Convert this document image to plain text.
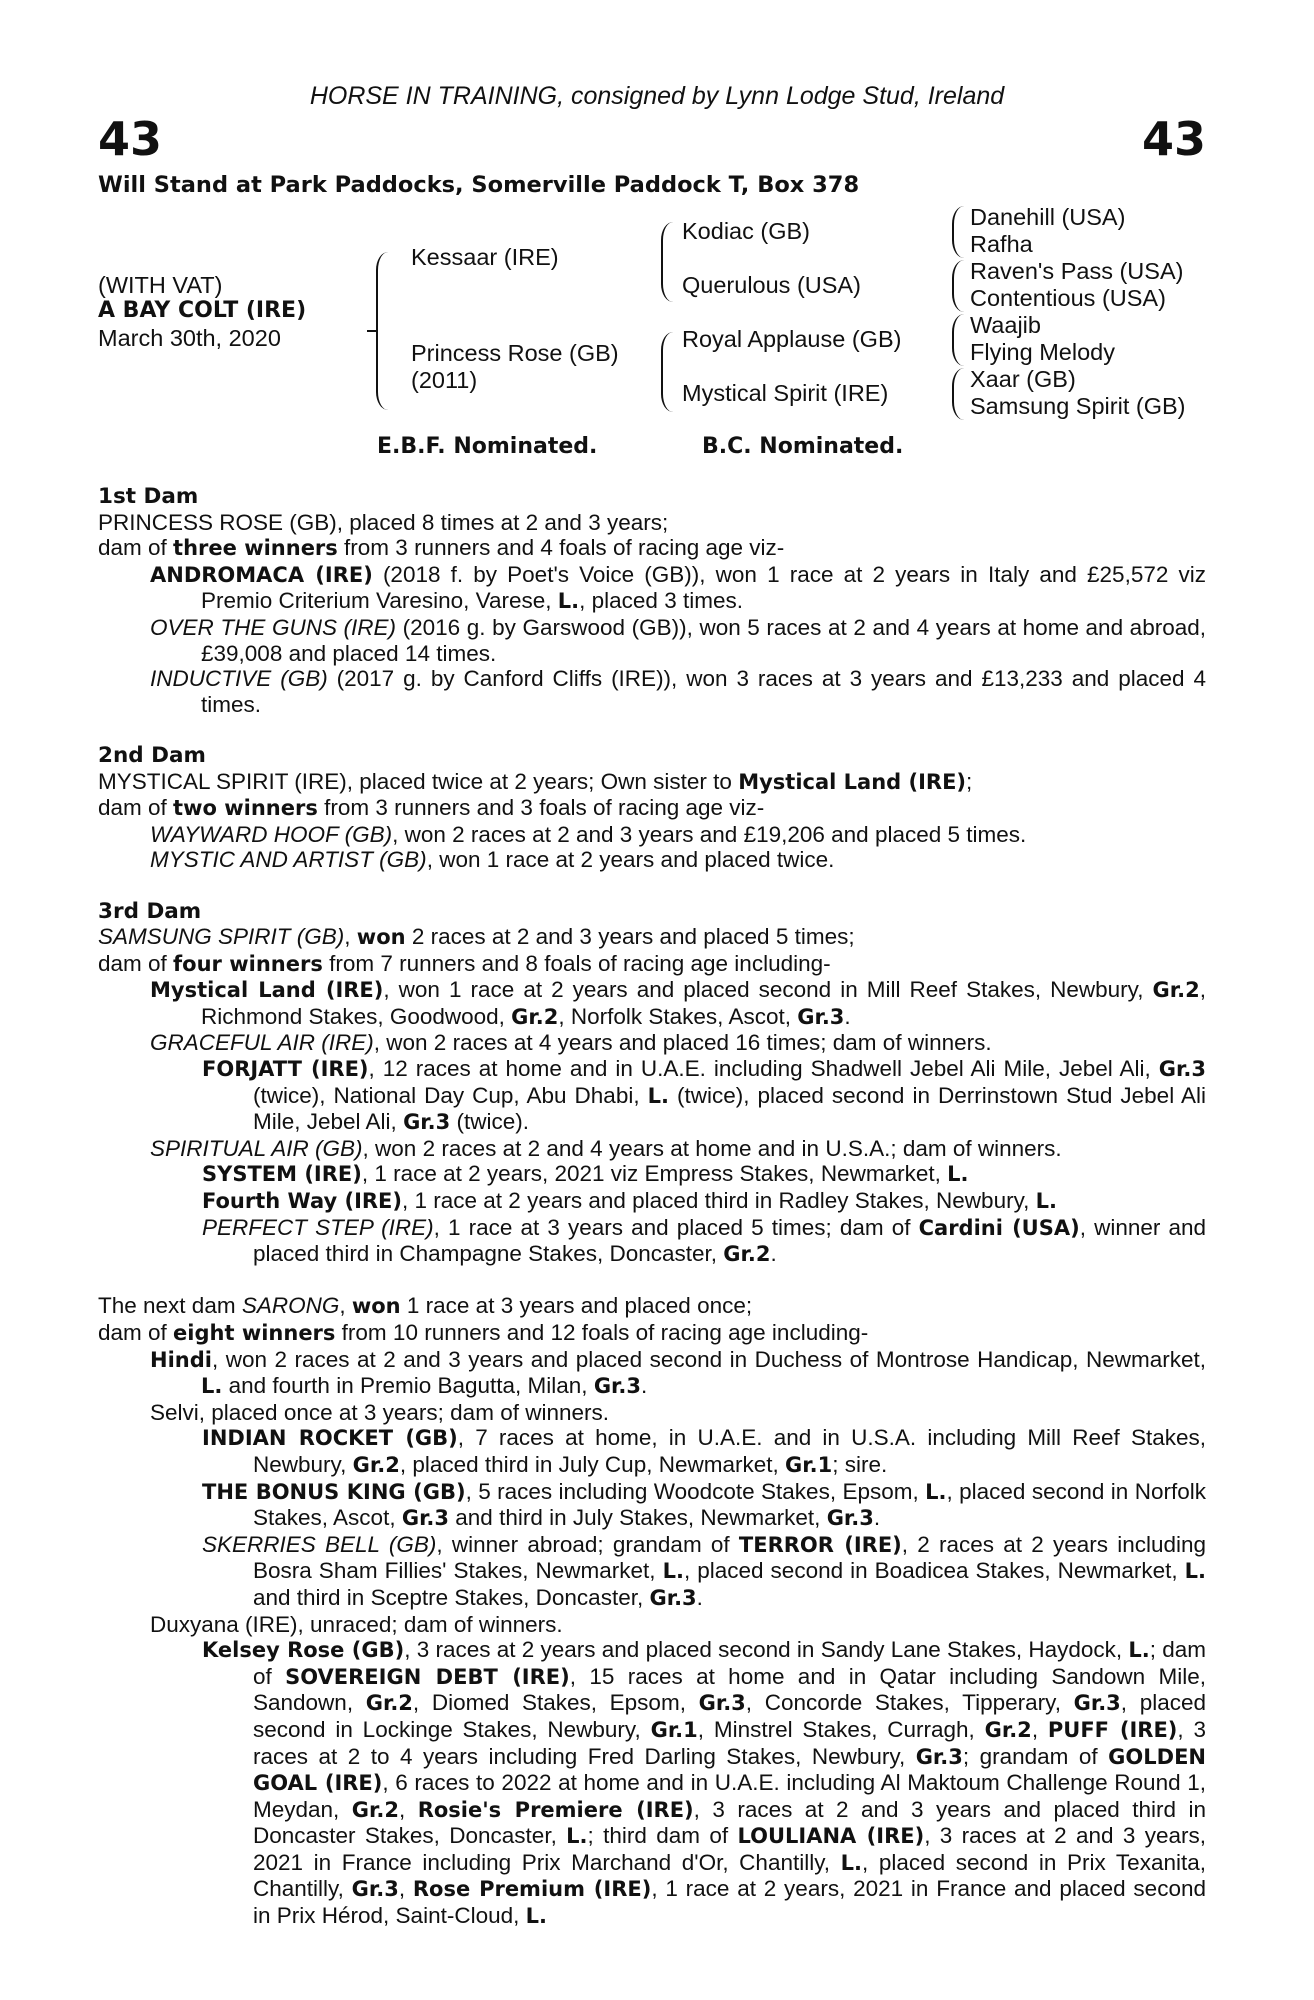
HORSE IN TRAINING, consigned by Lynn Lodge Stud, Ireland
43	43
Will Stand at Park Paddocks, Somerville Paddock T, Box 378
(WITH VAT)
A BAY COLT (IRE)
March 30th, 2020
Kessaar (IRE)
Princess Rose (GB)
(2011)
Kodiac (GB)
Querulous (USA)
Royal Applause (GB)
Mystical Spirit (IRE)
Danehill (USA)
Rafha
Raven's Pass (USA)
Contentious (USA)
Waajib
Flying Melody
Xaar (GB)
Samsung Spirit (GB)
E.B.F. Nominated.	B.C. Nominated.
1st Dam
PRINCESS ROSE (GB), placed 8 times at 2 and 3 years;
dam of three winners from 3 runners and 4 foals of racing age viz-
ANDROMACA (IRE) (2018 f. by Poet's Voice (GB)), won 1 race at 2 years in Italy and £25,572 viz Premio Criterium Varesino, Varese, L., placed 3 times.
OVER THE GUNS (IRE) (2016 g. by Garswood (GB)), won 5 races at 2 and 4 years at home and abroad, £39,008 and placed 14 times.
INDUCTIVE (GB) (2017 g. by Canford Cliffs (IRE)), won 3 races at 3 years and £13,233 and placed 4 times.
2nd Dam
MYSTICAL SPIRIT (IRE), placed twice at 2 years; Own sister to Mystical Land (IRE);
dam of two winners from 3 runners and 3 foals of racing age viz-
WAYWARD HOOF (GB), won 2 races at 2 and 3 years and £19,206 and placed 5 times.
MYSTIC AND ARTIST (GB), won 1 race at 2 years and placed twice.
3rd Dam
SAMSUNG SPIRIT (GB), won 2 races at 2 and 3 years and placed 5 times;
dam of four winners from 7 runners and 8 foals of racing age including-
Mystical Land (IRE), won 1 race at 2 years and placed second in Mill Reef Stakes, Newbury, Gr.2, Richmond Stakes, Goodwood, Gr.2, Norfolk Stakes, Ascot, Gr.3.
GRACEFUL AIR (IRE), won 2 races at 4 years and placed 16 times; dam of winners.
FORJATT (IRE), 12 races at home and in U.A.E. including Shadwell Jebel Ali Mile, Jebel Ali, Gr.3 (twice), National Day Cup, Abu Dhabi, L. (twice), placed second in Derrinstown Stud Jebel Ali Mile, Jebel Ali, Gr.3 (twice).
SPIRITUAL AIR (GB), won 2 races at 2 and 4 years at home and in U.S.A.; dam of winners.
SYSTEM (IRE), 1 race at 2 years, 2021 viz Empress Stakes, Newmarket, L.
Fourth Way (IRE), 1 race at 2 years and placed third in Radley Stakes, Newbury, L.
PERFECT STEP (IRE), 1 race at 3 years and placed 5 times; dam of Cardini (USA), winner and placed third in Champagne Stakes, Doncaster, Gr.2.
The next dam SARONG, won 1 race at 3 years and placed once;
dam of eight winners from 10 runners and 12 foals of racing age including-
Hindi, won 2 races at 2 and 3 years and placed second in Duchess of Montrose Handicap, Newmarket, L. and fourth in Premio Bagutta, Milan, Gr.3.
Selvi, placed once at 3 years; dam of winners.
INDIAN ROCKET (GB), 7 races at home, in U.A.E. and in U.S.A. including Mill Reef Stakes, Newbury, Gr.2, placed third in July Cup, Newmarket, Gr.1; sire.
THE BONUS KING (GB), 5 races including Woodcote Stakes, Epsom, L., placed second in Norfolk Stakes, Ascot, Gr.3 and third in July Stakes, Newmarket, Gr.3.
SKERRIES BELL (GB), winner abroad; grandam of TERROR (IRE), 2 races at 2 years including Bosra Sham Fillies' Stakes, Newmarket, L., placed second in Boadicea Stakes, Newmarket, L. and third in Sceptre Stakes, Doncaster, Gr.3.
Duxyana (IRE), unraced; dam of winners.
Kelsey Rose (GB), 3 races at 2 years and placed second in Sandy Lane Stakes, Haydock, L.; dam of SOVEREIGN DEBT (IRE), 15 races at home and in Qatar including Sandown Mile, Sandown, Gr.2, Diomed Stakes, Epsom, Gr.3, Concorde Stakes, Tipperary, Gr.3, placed second in Lockinge Stakes, Newbury, Gr.1, Minstrel Stakes, Curragh, Gr.2, PUFF (IRE), 3 races at 2 to 4 years including Fred Darling Stakes, Newbury, Gr.3; grandam of GOLDEN GOAL (IRE), 6 races to 2022 at home and in U.A.E. including Al Maktoum Challenge Round 1, Meydan, Gr.2, Rosie's Premiere (IRE), 3 races at 2 and 3 years and placed third in Doncaster Stakes, Doncaster, L.; third dam of LOULIANA (IRE), 3 races at 2 and 3 years, 2021 in France including Prix Marchand d'Or, Chantilly, L., placed second in Prix Texanita, Chantilly, Gr.3, Rose Premium (IRE), 1 race at 2 years, 2021 in France and placed second in Prix Hérod, Saint-Cloud, L.
